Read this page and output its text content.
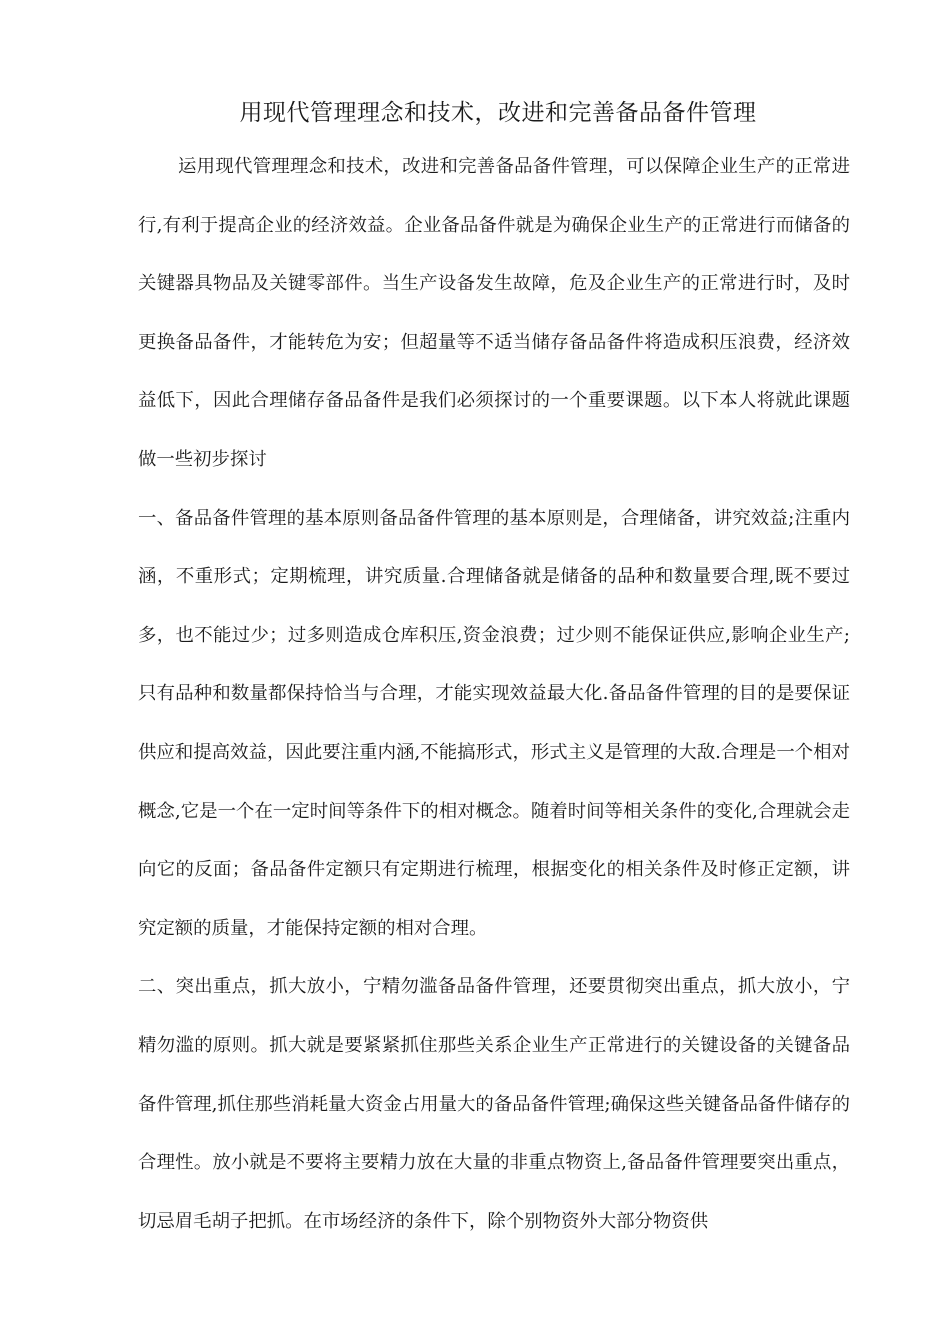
用现代管理理念和技术，改进和完善备品备件管理

运用现代管理理念和技术，改进和完善备品备件管理，可以保障企业生产的正常进行,有利于提高企业的经济效益。企业备品备件就是为确保企业生产的正常进行而储备的关键器具物品及关键零部件。当生产设备发生故障，危及企业生产的正常进行时，及时更换备品备件，才能转危为安；但超量等不适当储存备品备件将造成积压浪费，经济效益低下，因此合理储存备品备件是我们必须探讨的一个重要课题。以下本人将就此课题做一些初步探讨

一、备品备件管理的基本原则备品备件管理的基本原则是，合理储备，讲究效益;注重内涵，不重形式；定期梳理，讲究质量.合理储备就是储备的品种和数量要合理,既不要过多，也不能过少；过多则造成仓库积压,资金浪费；过少则不能保证供应,影响企业生产;只有品种和数量都保持恰当与合理，才能实现效益最大化.备品备件管理的目的是要保证供应和提高效益，因此要注重内涵,不能搞形式，形式主义是管理的大敌.合理是一个相对概念,它是一个在一定时间等条件下的相对概念。随着时间等相关条件的变化,合理就会走向它的反面；备品备件定额只有定期进行梳理，根据变化的相关条件及时修正定额，讲究定额的质量，才能保持定额的相对合理。

二、突出重点，抓大放小，宁精勿滥备品备件管理，还要贯彻突出重点，抓大放小，宁精勿滥的原则。抓大就是要紧紧抓住那些关系企业生产正常进行的关键设备的关键备品备件管理,抓住那些消耗量大资金占用量大的备品备件管理;确保这些关键备品备件储存的合理性。放小就是不要将主要精力放在大量的非重点物资上,备品备件管理要突出重点，切忌眉毛胡子把抓。在市场经济的条件下，除个别物资外大部分物资供
